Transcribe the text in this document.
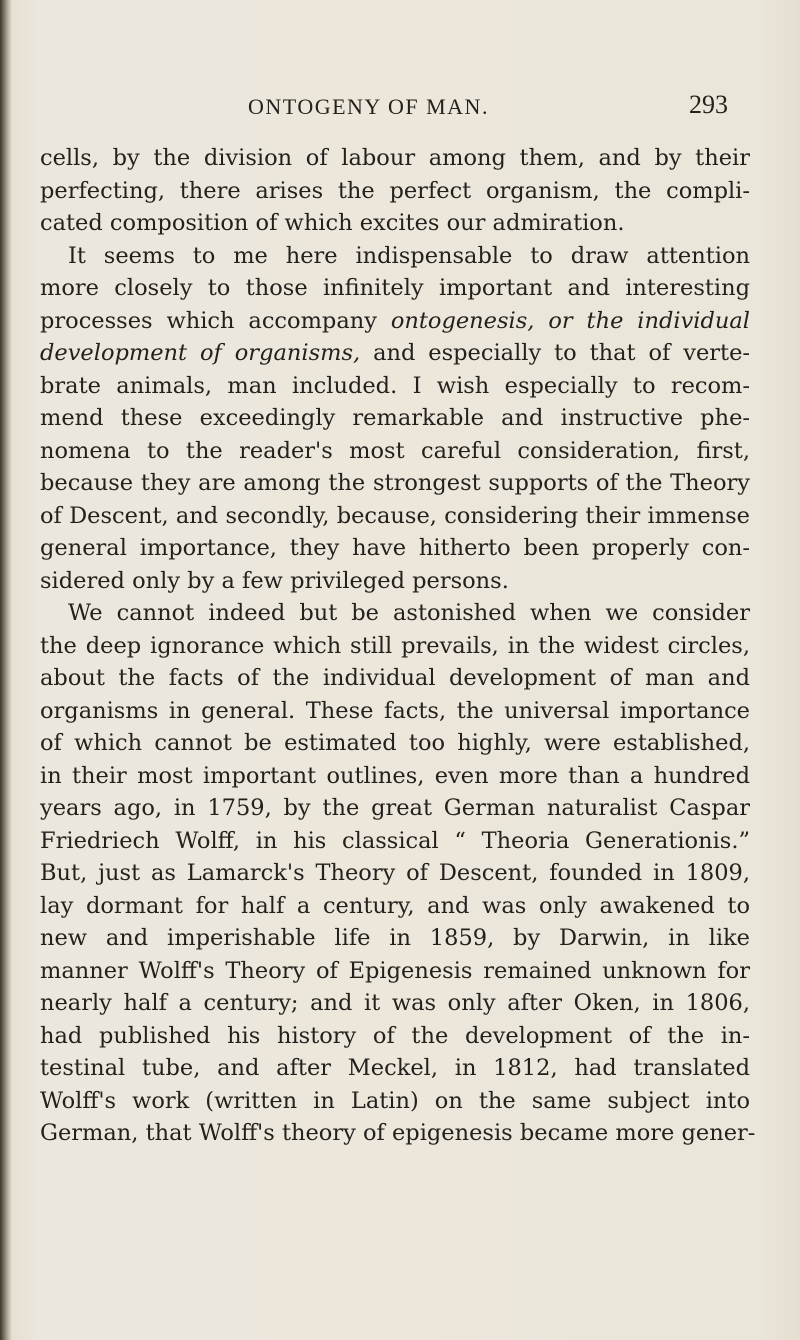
ONTOGENY OF MAN.	293
cells, by the division of labour among them, and by their
perfecting, there arises the perfect organism, the compli-
cated composition of which excites our admiration.
It seems to me here indispensable to draw attention
more closely to those infinitely important and interesting
processes which accompany ontogenesis, or the individual
development of organisms, and especially to that of verte-
brate animals, man included. I wish especially to recom-
mend these exceedingly remarkable and instructive phe-
nomena to the reader's most careful consideration, first,
because they are among the strongest supports of the Theory
of Descent, and secondly, because, considering their immense
general importance, they have hitherto been properly con-
sidered only by a few privileged persons.
We cannot indeed but be astonished when we consider
the deep ignorance which still prevails, in the widest circles,
about the facts of the individual development of man and
organisms in general. These facts, the universal importance
of which cannot be estimated too highly, were established,
in their most important outlines, even more than a hundred
years ago, in 1759, by the great German naturalist Caspar
Friedriech Wolff, in his classical “ Theoria Generationis.”
But, just as Lamarck's Theory of Descent, founded in 1809,
lay dormant for half a century, and was only awakened to
new and imperishable life in 1859, by Darwin, in like
manner Wolff's Theory of Epigenesis remained unknown for
nearly half a century; and it was only after Oken, in 1806,
had published his history of the development of the in-
testinal tube, and after Meckel, in 1812, had translated
Wolff's work (written in Latin) on the same subject into
German, that Wolff's theory of epigenesis became more gener-
